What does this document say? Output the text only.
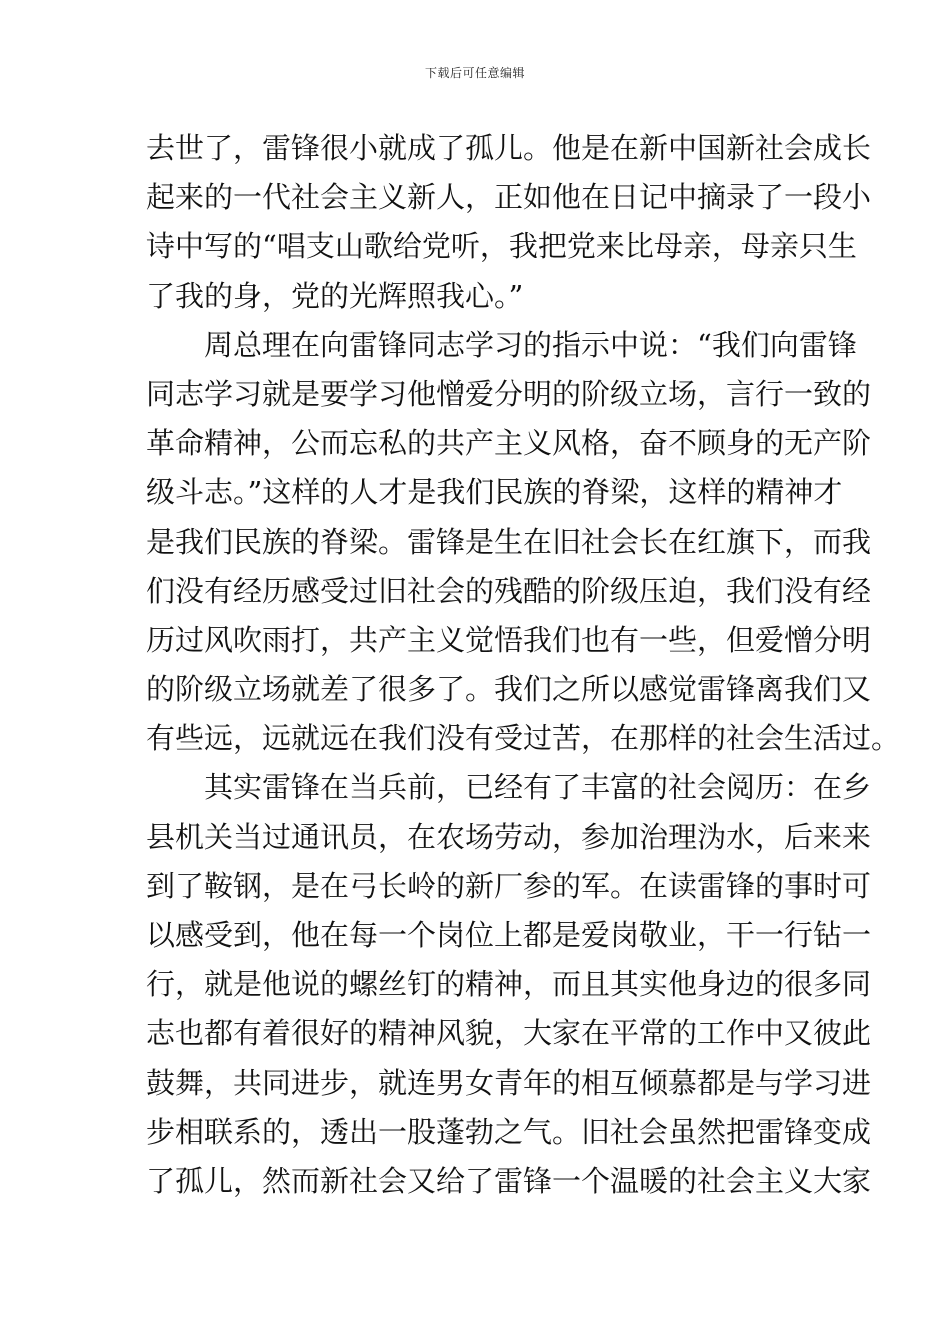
下载后可任意编辑
去世了，雷锋很小就成了孤儿。他是在新中国新社会成长
起来的一代社会主义新人，正如他在日记中摘录了一段小
诗中写的“唱支山歌给党听，我把党来比母亲，母亲只生
了我的身，党的光辉照我心。”
周总理在向雷锋同志学习的指示中说：“我们向雷锋
同志学习就是要学习他憎爱分明的阶级立场，言行一致的
革命精神，公而忘私的共产主义风格，奋不顾身的无产阶
级斗志。”这样的人才是我们民族的脊梁，这样的精神才
是我们民族的脊梁。雷锋是生在旧社会长在红旗下，而我
们没有经历感受过旧社会的残酷的阶级压迫，我们没有经
历过风吹雨打，共产主义觉悟我们也有一些，但爱憎分明
的阶级立场就差了很多了。我们之所以感觉雷锋离我们又
有些远，远就远在我们没有受过苦，在那样的社会生活过。
其实雷锋在当兵前，已经有了丰富的社会阅历：在乡
县机关当过通讯员，在农场劳动，参加治理沩水，后来来
到了鞍钢，是在弓长岭的新厂参的军。在读雷锋的事时可
以感受到，他在每一个岗位上都是爱岗敬业，干一行钻一
行，就是他说的螺丝钉的精神，而且其实他身边的很多同
志也都有着很好的精神风貌，大家在平常的工作中又彼此
鼓舞，共同进步，就连男女青年的相互倾慕都是与学习进
步相联系的，透出一股蓬勃之气。旧社会虽然把雷锋变成
了孤儿，然而新社会又给了雷锋一个温暖的社会主义大家
